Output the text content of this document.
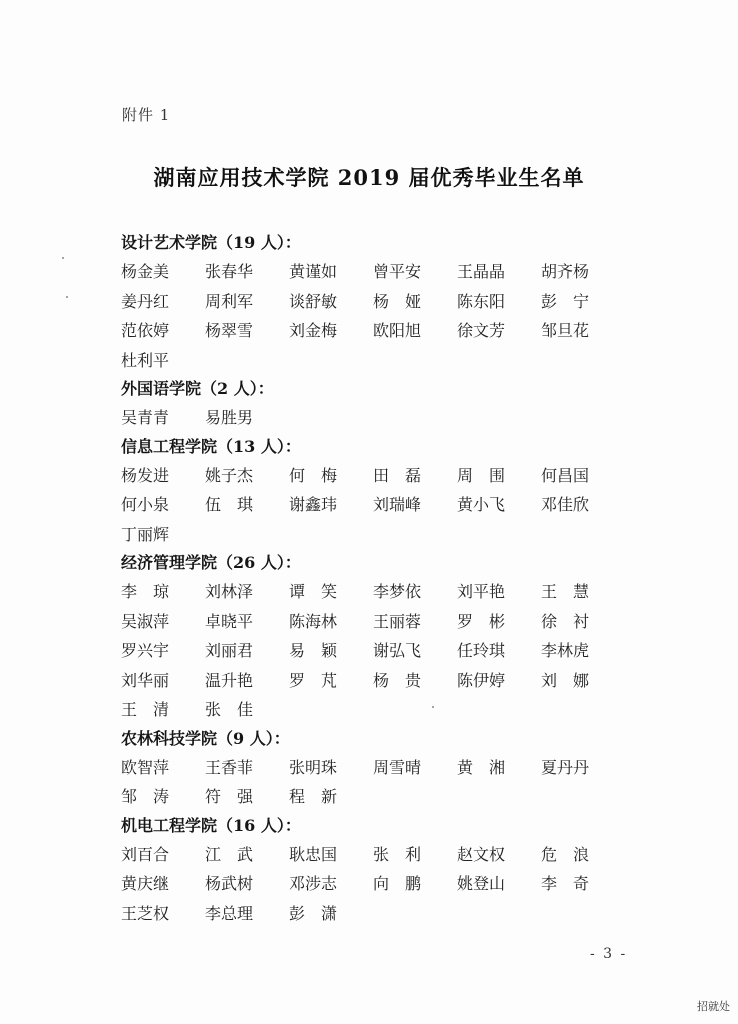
附件 1
湖南应用技术学院 2019 届优秀毕业生名单
设计艺术学院（19 人）：
杨金美 张春华 黄谨如 曾平安 王晶晶 胡齐杨
姜丹红 周利军 谈舒敏 杨　娅 陈东阳 彭　宁
范依婷 杨翠雪 刘金梅 欧阳旭 徐文芳 邹旦花
杜利平
外国语学院（2 人）：
吴青青 易胜男
信息工程学院（13 人）：
杨发进 姚子杰 何　梅 田　磊 周　围 何昌国
何小泉 伍　琪 谢鑫玮 刘瑞峰 黄小飞 邓佳欣
丁丽辉
经济管理学院（26 人）：
李　琼 刘林泽 谭　笑 李梦依 刘平艳 王　慧
吴淑萍 卓晓平 陈海林 王丽蓉 罗　彬 徐　衬
罗兴宇 刘丽君 易　颖 谢弘飞 任玲琪 李林虎
刘华丽 温升艳 罗　芃 杨　贵 陈伊婷 刘　娜
王　清 张　佳
农林科技学院（9 人）：
欧智萍 王香菲 张明珠 周雪晴 黄　湘 夏丹丹
邹　涛 符　强 程　新
机电工程学院（16 人）：
刘百合 江　武 耿忠国 张　利 赵文权 危　浪
黄庆继 杨武树 邓涉志 向　鹏 姚登山 李　奇
王芝权 李总理 彭　潇
- 3 -
招就处
